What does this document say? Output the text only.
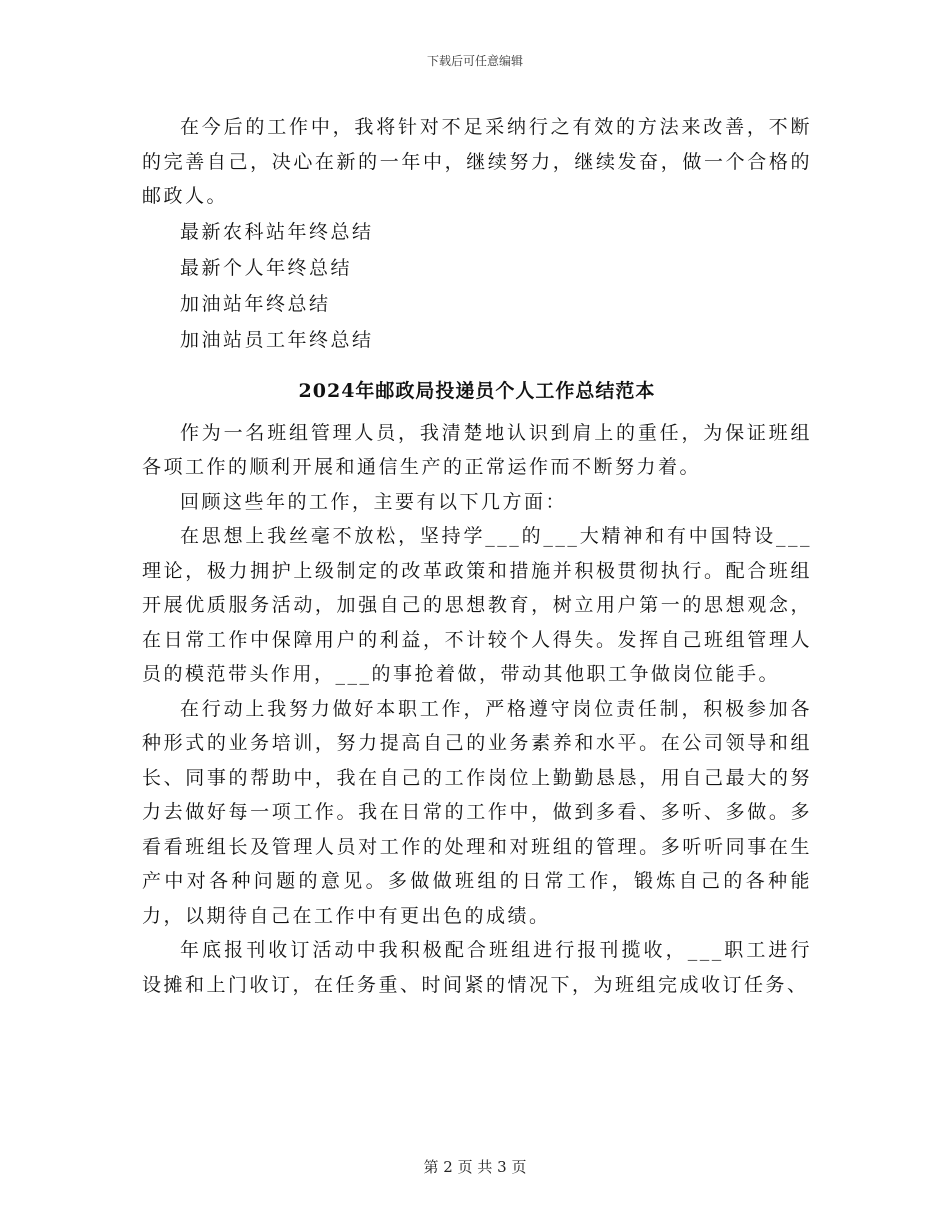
下载后可任意编辑

在今后的工作中，我将针对不足采纳行之有效的方法来改善，不断的完善自己，决心在新的一年中，继续努力，继续发奋，做一个合格的邮政人。

最新农科站年终总结

最新个人年终总结

加油站年终总结

加油站员工年终总结

2024年邮政局投递员个人工作总结范本

作为一名班组管理人员，我清楚地认识到肩上的重任，为保证班组各项工作的顺利开展和通信生产的正常运作而不断努力着。

回顾这些年的工作，主要有以下几方面：

在思想上我丝毫不放松，坚持学___的___大精神和有中国特设___理论，极力拥护上级制定的改革政策和措施并积极贯彻执行。配合班组开展优质服务活动，加强自己的思想教育，树立用户第一的思想观念，在日常工作中保障用户的利益，不计较个人得失。发挥自己班组管理人员的模范带头作用，___的事抢着做，带动其他职工争做岗位能手。

在行动上我努力做好本职工作，严格遵守岗位责任制，积极参加各种形式的业务培训，努力提高自己的业务素养和水平。在公司领导和组长、同事的帮助中，我在自己的工作岗位上勤勤恳恳，用自己最大的努力去做好每一项工作。我在日常的工作中，做到多看、多听、多做。多看看班组长及管理人员对工作的处理和对班组的管理。多听听同事在生产中对各种问题的意见。多做做班组的日常工作，锻炼自己的各种能力，以期待自己在工作中有更出色的成绩。

年底报刊收订活动中我积极配合班组进行报刊揽收，___职工进行设摊和上门收订，在任务重、时间紧的情况下，为班组完成收订任务、

第 2 页 共 3 页
